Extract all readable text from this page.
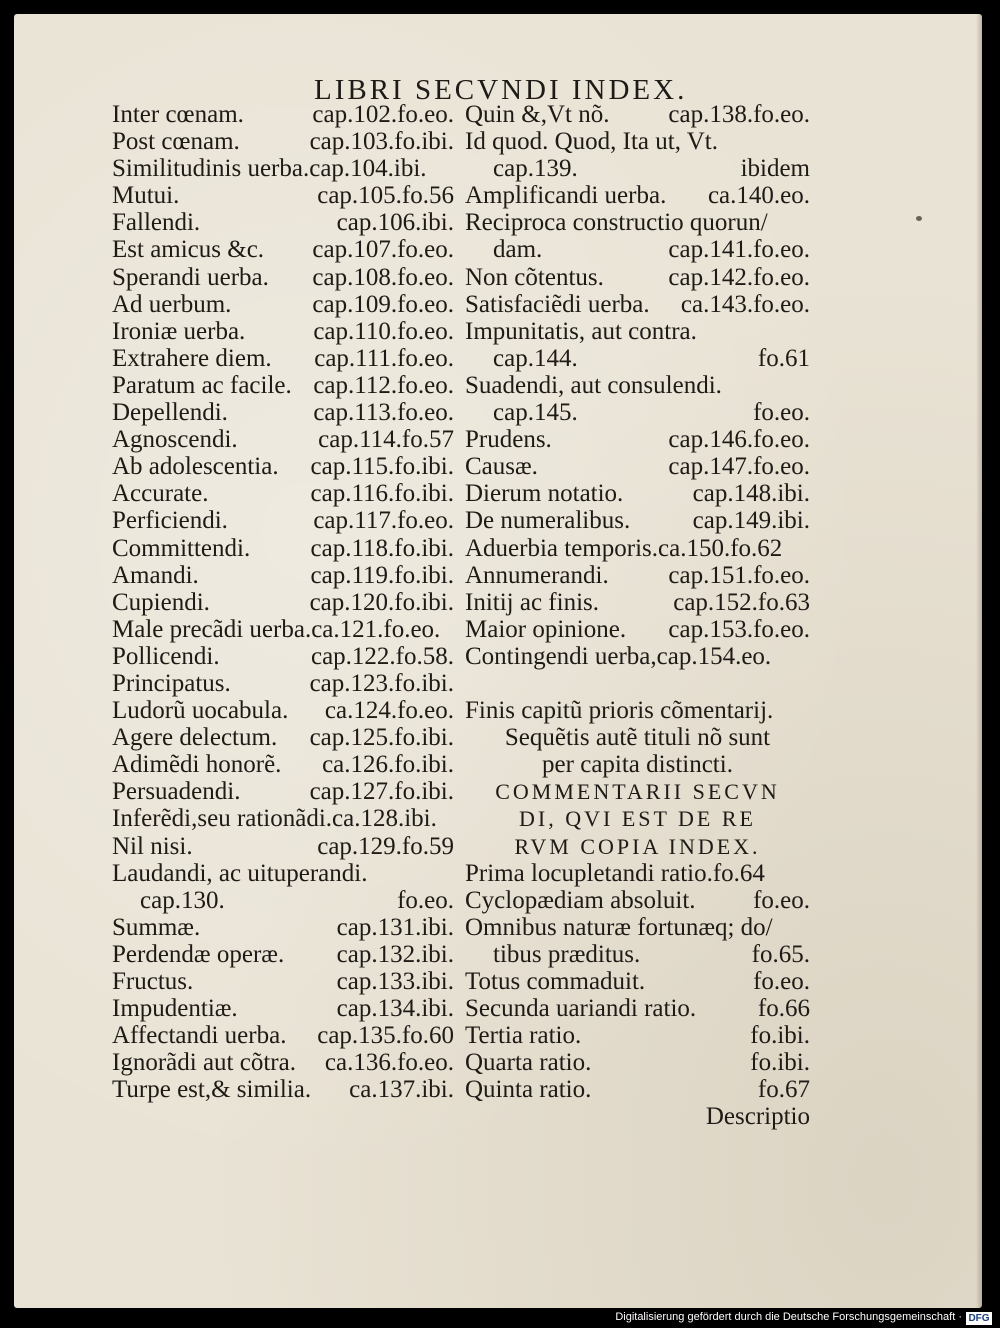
LIBRI SECVNDI INDEX.
Inter cœnam.	cap.102.fo.eo.
Post cœnam.	cap.103.fo.ibi.
Similitudinis uerba.cap.104.ibi.
Mutui.	cap.105.fo.56
Fallendi.	cap.106.ibi.
Est amicus &c. cap.107.fo.eo.
Sperandi uerba. cap.108.fo.eo.
Ad uerbum.	cap.109.fo.eo.
Ironiæ uerba.	cap.110.fo.eo.
Extrahere diem. cap.111.fo.eo.
Paratum ac facile. cap.112.fo.eo.
Depellendi.	cap.113.fo.eo.
Agnoscendi.	cap.114.fo.57
Ab adolescentia. cap.115.fo.ibi.
Accurate.	cap.116.fo.ibi.
Perficiendi.	cap.117.fo.eo.
Committendi. cap.118.fo.ibi.
Amandi.	cap.119.fo.ibi.
Cupiendi.	cap.120.fo.ibi.
Male precãdi uerba.ca.121.fo.eo.
Pollicendi.	cap.122.fo.58.
Principatus.	cap.123.fo.ibi.
Ludorũ uocabula. ca.124.fo.eo.
Agere delectum. cap.125.fo.ibi.
Adimẽdi honorẽ. ca.126.fo.ibi.
Persuadendi.	cap.127.fo.ibi.
Inferẽdi,seu rationãdi.ca.128.ibi.
Nil nisi.	cap.129.fo.59
Laudandi, ac uituperandi.
cap.130.	fo.eo.
Summæ.	cap.131.ibi.
Perdendæ operæ. cap.132.ibi.
Fructus.	cap.133.ibi.
Impudentiæ.	cap.134.ibi.
Affectandi uerba. cap.135.fo.60
Ignorãdi aut cõtra. ca.136.fo.eo.
Turpe est,& similia. ca.137.ibi.
Quin &,Vt nõ. cap.138.fo.eo.
Id quod. Quod, Ita ut, Vt.
cap.139.	ibidem
Amplificandi uerba. ca.140.eo.
Reciproca constructio quorun/
dam.	cap.141.fo.eo.
Non cõtentus.	cap.142.fo.eo.
Satisfaciẽdi uerba. ca.143.fo.eo.
Impunitatis, aut contra.
cap.144.	fo.61
Suadendi, aut consulendi.
cap.145.	fo.eo.
Prudens.	cap.146.fo.eo.
Causæ.	cap.147.fo.eo.
Dierum notatio.	cap.148.ibi.
De numeralibus. cap.149.ibi.
Aduerbia temporis.ca.150.fo.62
Annumerandi. cap.151.fo.eo.
Initij ac finis.	cap.152.fo.63
Maior opinione. cap.153.fo.eo.
Contingendi uerba,cap.154.eo.
Finis capitũ prioris cõmentarij.
Sequẽtis autẽ tituli nõ sunt
per capita distincti.
COMMENTARII SECVN
DI, QVI EST DE RE
RVM COPIA INDEX.
Prima locupletandi ratio.fo.64
Cyclopædiam absoluit. fo.eo.
Omnibus naturæ fortunæq; do/
tibus præditus.	fo.65.
Totus commaduit.	fo.eo.
Secunda uariandi ratio. fo.66
Tertia ratio.	fo.ibi.
Quarta ratio.	fo.ibi.
Quinta ratio.	fo.67
Descriptio
Digitalisierung gefördert durch die Deutsche Forschungsgemeinschaft · DFG
